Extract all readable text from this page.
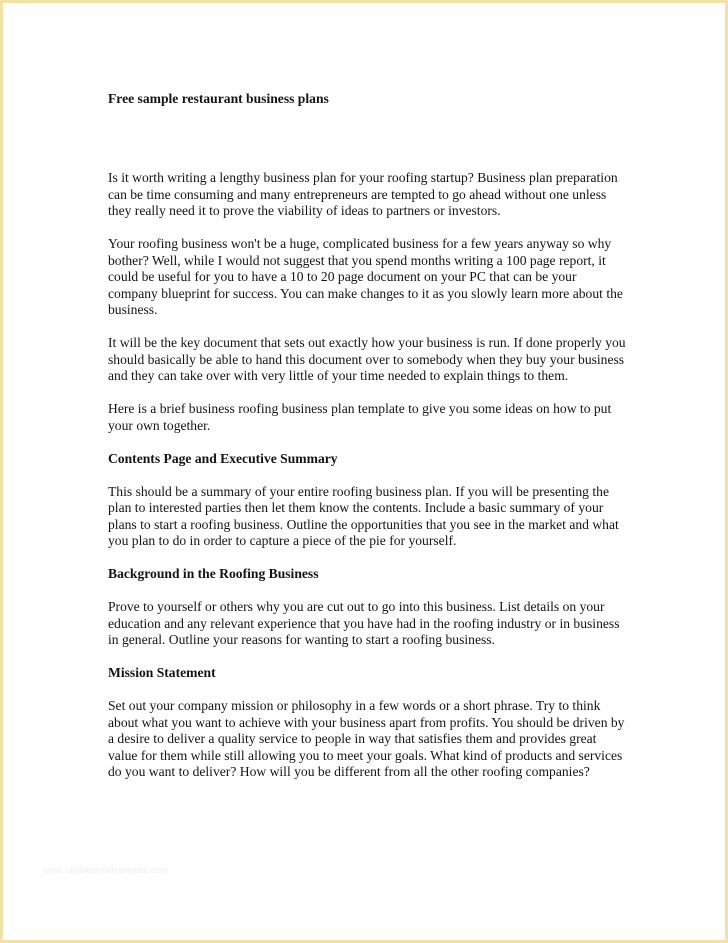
Free sample restaurant business plans

Is it worth writing a lengthy business plan for your roofing startup? Business plan preparation can be time consuming and many entrepreneurs are tempted to go ahead without one unless they really need it to prove the viability of ideas to partners or investors.

Your roofing business won't be a huge, complicated business for a few years anyway so why bother? Well, while I would not suggest that you spend months writing a 100 page report, it could be useful for you to have a 10 to 20 page document on your PC that can be your company blueprint for success. You can make changes to it as you slowly learn more about the business.

It will be the key document that sets out exactly how your business is run. If done properly you should basically be able to hand this document over to somebody when they buy your business and they can take over with very little of your time needed to explain things to them.

Here is a brief business roofing business plan template to give you some ideas on how to put your own together.

Contents Page and Executive Summary

This should be a summary of your entire roofing business plan. If you will be presenting the plan to interested parties then let them know the contents. Include a basic summary of your plans to start a roofing business. Outline the opportunities that you see in the market and what you plan to do in order to capture a piece of the pie for yourself.

Background in the Roofing Business

Prove to yourself or others why you are cut out to go into this business. List details on your education and any relevant experience that you have had in the roofing industry or in business in general. Outline your reasons for wanting to start a roofing business.

Mission Statement

Set out your company mission or philosophy in a few words or a short phrase. Try to think about what you want to achieve with your business apart from profits. You should be driven by a desire to deliver a quality service to people in way that satisfies them and provides great value for them while still allowing you to meet your goals. What kind of products and services do you want to deliver? How will you be different from all the other roofing companies?

www.ruparkjentlemenplate.com
